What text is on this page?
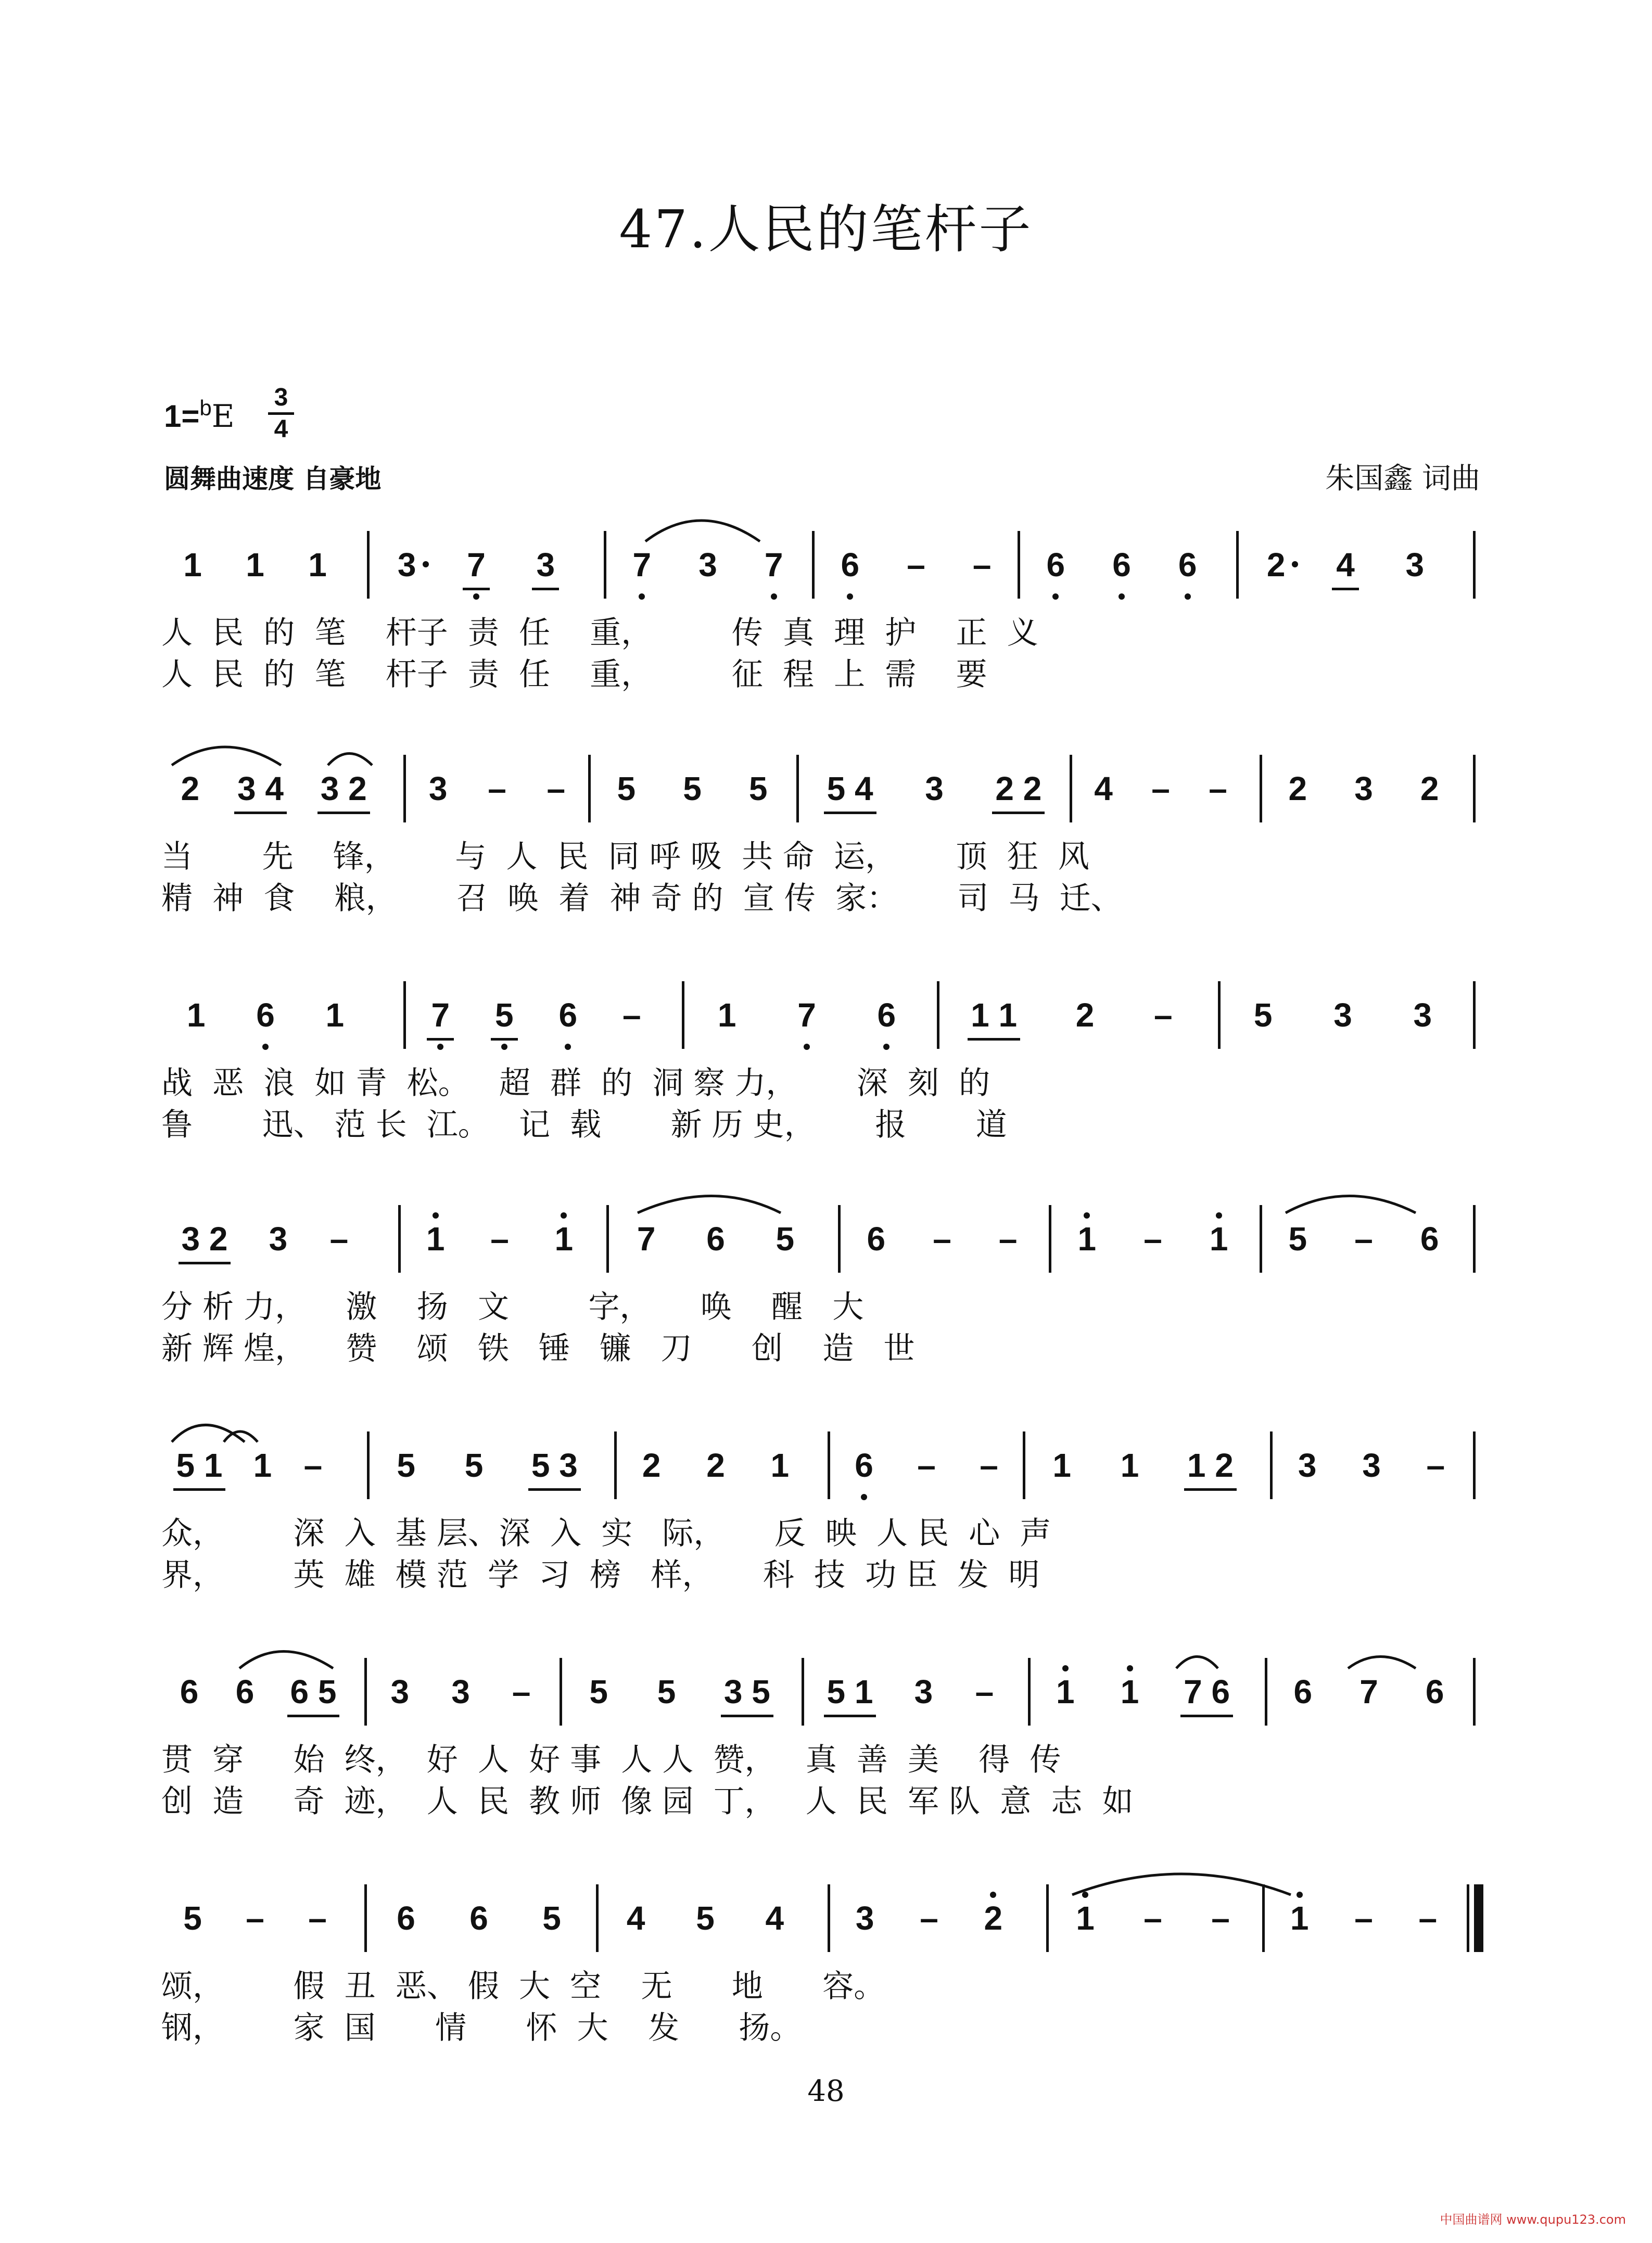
47.人民的笔杆子
1=$^b$E
3
4
圆舞曲速度 自豪地	朱国鑫 词曲
1 1 1 3 7 3 7 3 7 6 – – 6 6 6 2 4 3
人  民  的  笔    杆子  责  任    重，        传  真  理  护    正  义
人  民  的  笔    杆子  责  任    重，        征  程  上  需    要
2 3 4 3 2 3 – – 5 5 5 5 4 3 2 2 4 – – 2 3 2
当       先    锋，      与  人  民  同 呼 吸  共 命  运，      顶  狂  风
精  神  食    粮，      召  唤  着  神 奇 的  宣 传  家：      司  马  迁、
1 6 1	7 5 6 – 1 7 6 1 1 2 – 5 3 3
战  恶  浪  如 青  松。   超  群  的  洞 察 力，      深  刻  的
鲁       迅、 范 长  江。   记  载       新 历 史，      报       道
3 2 3 – 1 – 1 7 6 5 6 – – 1 – 1 5 – 6
分 析 力，    激    扬   文        字，     唤    醒   大
新 辉 煌，    赞    颂   铁   锤   镰   刀      创    造   世
5 1 1 – 5 5 5 3 2 2 1 6 – – 1 1 1 2 3 3 –
众，       深  入  基 层、深  入  实   际，     反  映  人 民  心  声
界，       英  雄  模 范  学  习  榜   样，     科  技  功 臣  发  明
6 6 6 5 3 3 – 5 5 3 5 5 1 3 – 1 1 7 6 6 7 6
贯  穿     始  终，  好  人  好 事  人 人  赞，   真  善  美    得  传
创  造     奇  迹，  人  民  教 师  像 园  丁，   人  民  军 队  意  志  如
5 – – 6 6 5 4 5 4 3 – 2 1 – – 1 – –
颂，       假  丑  恶、 假  大  空    无      地      容。
钢，       家  国      情      怀  大    发      扬。
48
中国曲谱网 www.qupu123.com
